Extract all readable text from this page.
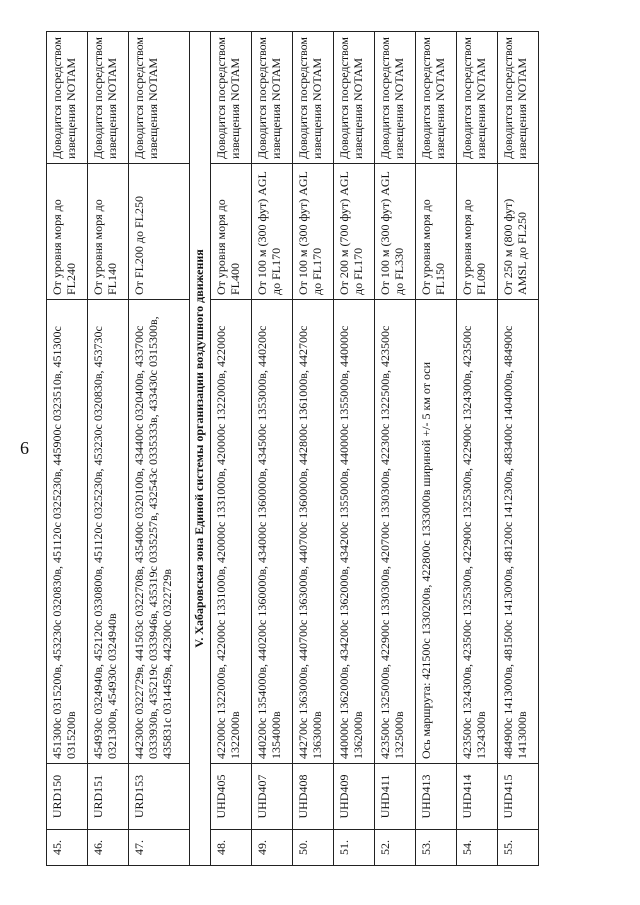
6
45.	URD150	451300с 0315200в, 453230с 0320830в, 451120с 0325230в, 445900с 0323510в, 451300с 0315200в	От уровня моря до FL240	Доводится посредством извещения NOTAM
46.	URD151	454930с 0324940в, 452120с 0330800в, 451120с 0325230в, 453230с 0320830в, 453730с 0321300в, 454930с 0324940в	От уровня моря до FL140	Доводится посредством извещения NOTAM
47.	URD153	442300с 0322729в, 441503с 0322708в, 435400с 0320100в, 434400с 0320400в, 433700с 0333930в, 435219с 0333946в, 435319с 0335257в, 432543с 0335333в, 433430с 0315300в, 435831с 0314459в, 442300с 0322729в	От FL200 до FL250	Доводится посредством извещения NOTAM
V. Хабаровская зона Единой системы организации воздушного движения				
48.	UHD405	422000с 1322000в, 422000с 1331000в, 420000с 1331000в, 420000с 1322000в, 422000с 1322000в	От уровня моря до FL400	Доводится посредством извещения NOTAM
49.	UHD407	440200с 1354000в, 440200с 1360000в, 434000с 1360000в, 434500с 1353000в, 440200с 1354000в	От 100 м (300 фут) AGL до FL170	Доводится посредством извещения NOTAM
50.	UHD408	442700с 1363000в, 440700с 1363000в, 440700с 1360000в, 442800с 1361000в, 442700с 1363000в	От 100 м (300 фут) AGL до FL170	Доводится посредством извещения NOTAM
51.	UHD409	440000с 1362000в, 434200с 1362000в, 434200с 1355000в, 440000с 1355000в, 440000с 1362000в	От 200 м (700 фут) AGL до FL170	Доводится посредством извещения NOTAM
52.	UHD411	423500с 1325000в, 422900с 1330300в, 420700с 1330300в, 422300с 1322500в, 423500с 1325000в	От 100 м (300 фут) AGL до FL330	Доводится посредством извещения NOTAM
53.	UHD413	Ось маршрута: 421500с 1330200в, 422800с 1333000в шириной +/- 5 км от оси	От уровня моря до FL150	Доводится посредством извещения NOTAM
54.	UHD414	423500с 1324300в, 423500с 1325300в, 422900с 1325300в, 422900с 1324300в, 423500с 1324300в	От уровня моря до FL090	Доводится посредством извещения NOTAM
55.	UHD415	484900с 1413000в, 481500с 1413000в, 481200с 1412300в, 483400с 1404000в, 484900с 1413000в	От 250 м (800 фут) AMSL до FL250	Доводится посредством извещения NOTAM
